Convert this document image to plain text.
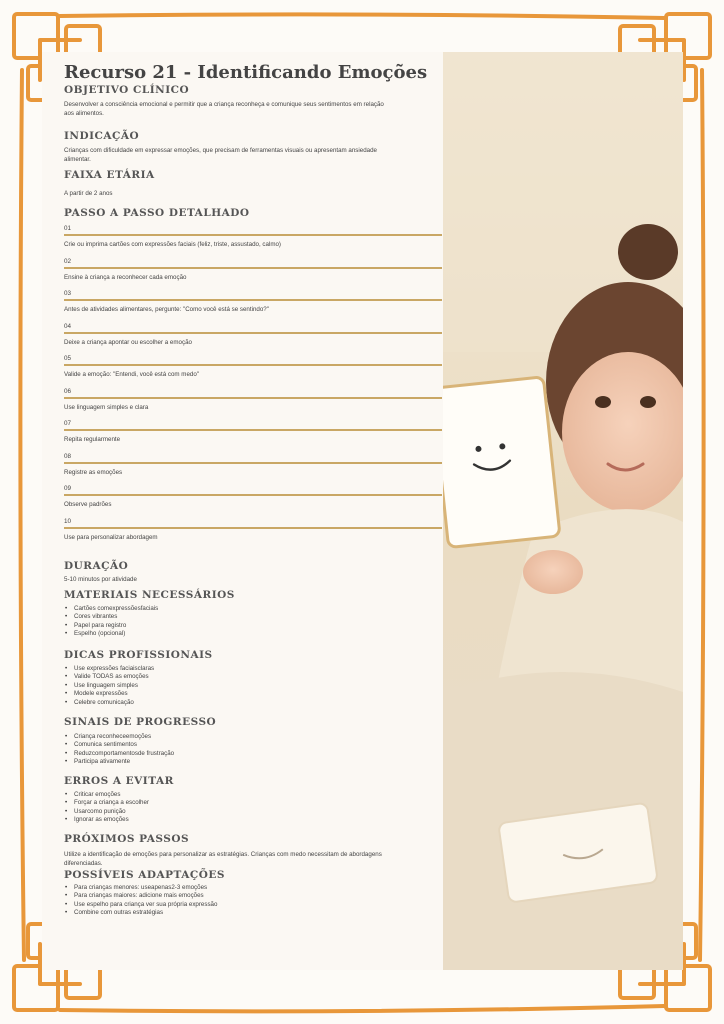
Recurso 21 - Identificando Emoções
OBJETIVO CLÍNICO
Desenvolver a consciência emocional e permitir que a criança reconheça e comunique seus sentimentos em relação aos alimentos.
INDICAÇÃO
Crianças com dificuldade em expressar emoções, que precisam de ferramentas visuais ou apresentam ansiedade alimentar.
FAIXA ETÁRIA
A partir de 2 anos
PASSO A PASSO DETALHADO
01
Crie ou imprima cartões com expressões faciais (feliz, triste, assustado, calmo)
02
Ensine à criança a reconhecer cada emoção
03
Antes de atividades alimentares, pergunte: "Como você está se sentindo?"
04
Deixe a criança apontar ou escolher a emoção
05
Valide a emoção: "Entendi, você está com medo"
06
Use linguagem simples e clara
07
Repita regularmente
08
Registre as emoções
09
Observe padrões
10
Use para personalizar abordagem
DURAÇÃO
5-10 minutos por atividade
MATERIAIS NECESSÁRIOS
• Cartões comexpressõesfaciais
• Cores vibrantes
• Papel para registro
• Espelho (opcional)
DICAS PROFISSIONAIS
• Use expressões faciaisclaras
• Valide TODAS as emoções
• Use linguagem simples
• Modele expressões
• Celebre comunicação
SINAIS DE PROGRESSO
• Criança reconheceemoções
• Comunica sentimentos
• Reduzcomportamentosde frustração
• Participa ativamente
ERROS A EVITAR
• Criticar emoções
• Forçar a criança a escolher
• Usarcomo punição
• Ignorar as emoções
PRÓXIMOS PASSOS
Utilize a identificação de emoções para personalizar as estratégias. Crianças com medo necessitam de abordagens diferenciadas.
POSSÍVEIS ADAPTAÇÕES
• Para crianças menores: useapenas2-3 emoções
• Para crianças maiores: adicione mais emoções
• Use espelho para criança ver sua própria expressão
• Combine com outras estratégias
